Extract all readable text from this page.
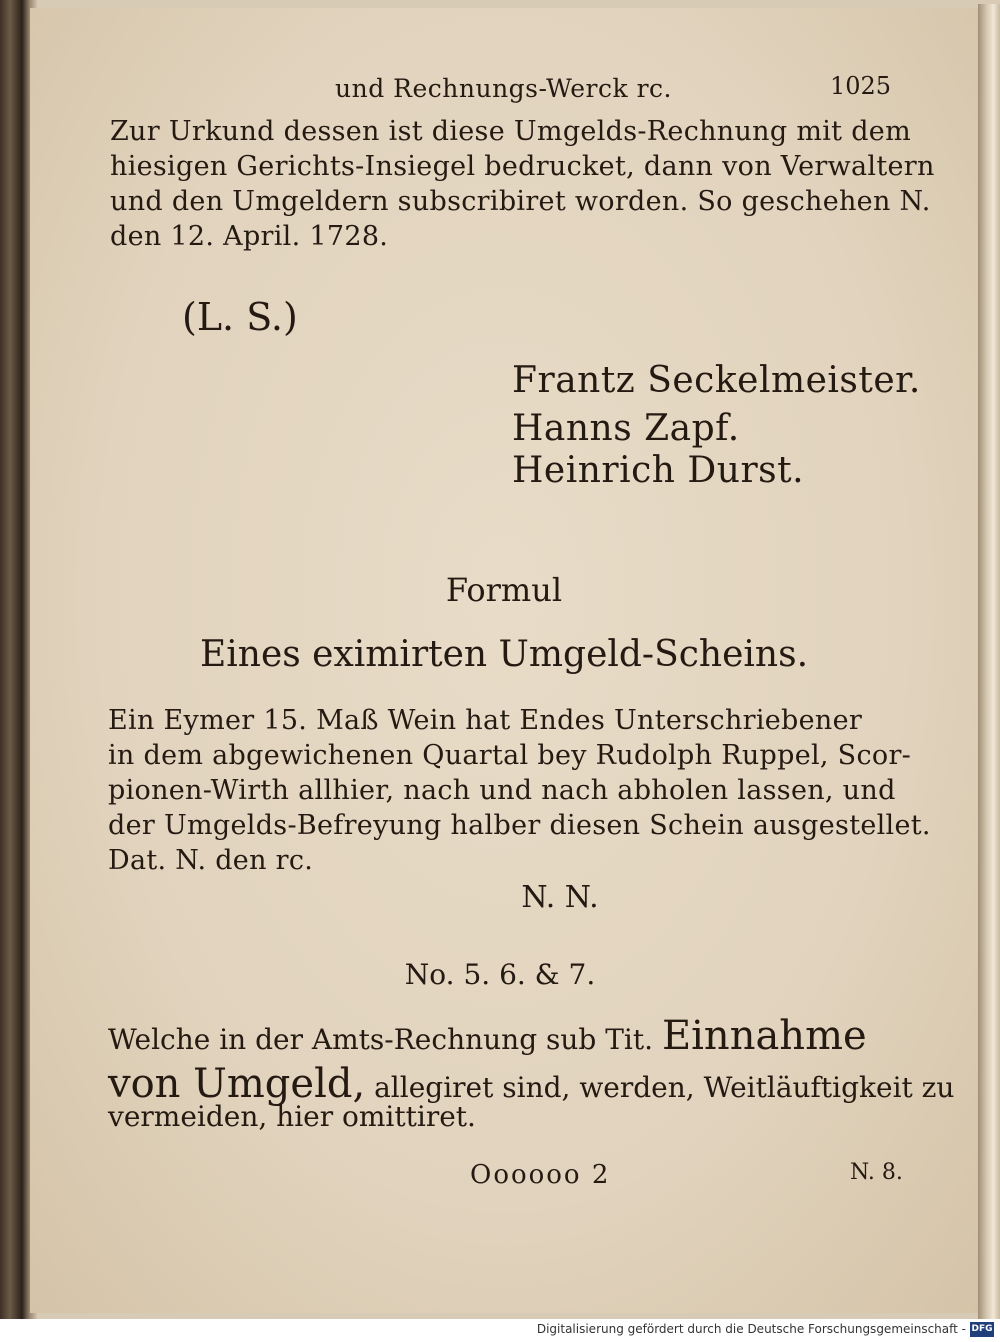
und Rechnungs-Werck rc.	1025
Zur Urkund dessen ist diese Umgelds-Rechnung mit dem
hiesigen Gerichts-Insiegel bedrucket, dann von Verwaltern
und den Umgeldern subscribiret worden. So geschehen N.
den 12. April. 1728.
(L. S.)
Frantz Seckelmeister.
Hanns Zapf.
Heinrich Durst.
Formul
Eines eximirten Umgeld-Scheins.
Ein Eymer 15. Maß Wein hat Endes Unterschriebener
in dem abgewichenen Quartal bey Rudolph Ruppel, Scor-
pionen-Wirth allhier, nach und nach abholen lassen, und
der Umgelds-Befreyung halber diesen Schein ausgestellet.
Dat. N. den rc.
N. N.
No. 5. 6. & 7.
Welche in der Amts-Rechnung sub Tit. Einnahme
von Umgeld, allegiret sind, werden, Weitläuftigkeit zu
vermeiden, hier omittiret.
Oooooo 2	N. 8.
Digitalisierung gefördert durch die Deutsche Forschungsgemeinschaft - DFG
